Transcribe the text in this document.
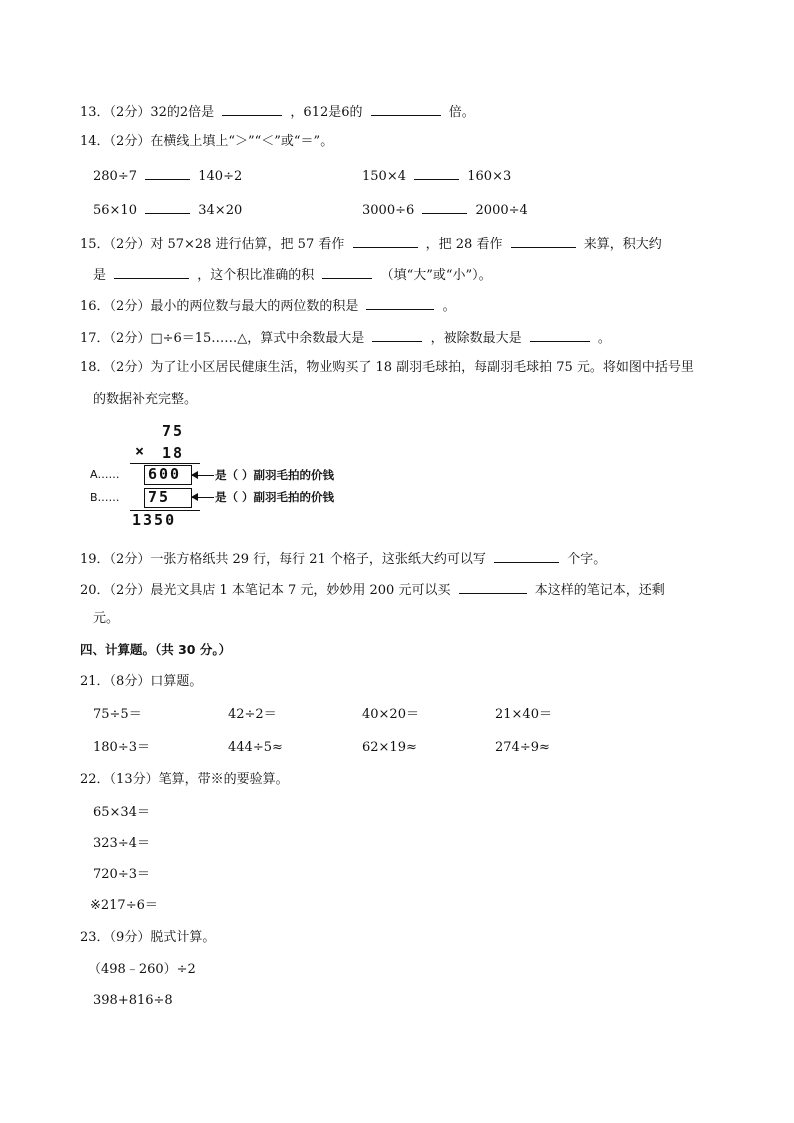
13．（2分）32的2倍是	，612是6的	倍。
14．（2分）在横线上填上“＞”“＜”或“＝”。
280÷7	140÷2	150×4	160×3
56×10	34×20	3000÷6	2000÷4
15．（2分）对 57×28 进行估算，把 57 看作	，把 28 看作	来算，积大约
是	，这个积比准确的积	（填“大”或“小”）。
16．（2分）最小的两位数与最大的两位数的积是	。
17．（2分）□÷6＝15……△，算式中余数最大是	，被除数最大是	。
18．（2分）为了让小区居民健康生活，物业购买了 18 副羽毛球拍，每副羽毛球拍 75 元。将如图中括号里
的数据补充完整。
75
× 18
A…… 600	是（ ）副羽毛拍的价钱
B…… 75	是（ ）副羽毛拍的价钱
1350
19．（2分）一张方格纸共 29 行，每行 21 个格子，这张纸大约可以写	个字。
20．（2分）晨光文具店 1 本笔记本 7 元，妙妙用 200 元可以买	本这样的笔记本，还剩
元。
四、计算题。（共 30 分。）
21．（8分）口算题。
75÷5＝	42÷2＝	40×20＝	21×40＝
180÷3＝	444÷5≈	62×19≈	274÷9≈
22．（13分）笔算，带※的要验算。
65×34＝
323÷4＝
720÷3＝
※217÷6＝
23．（9分）脱式计算。
（498﹣260）÷2
398+816÷8
